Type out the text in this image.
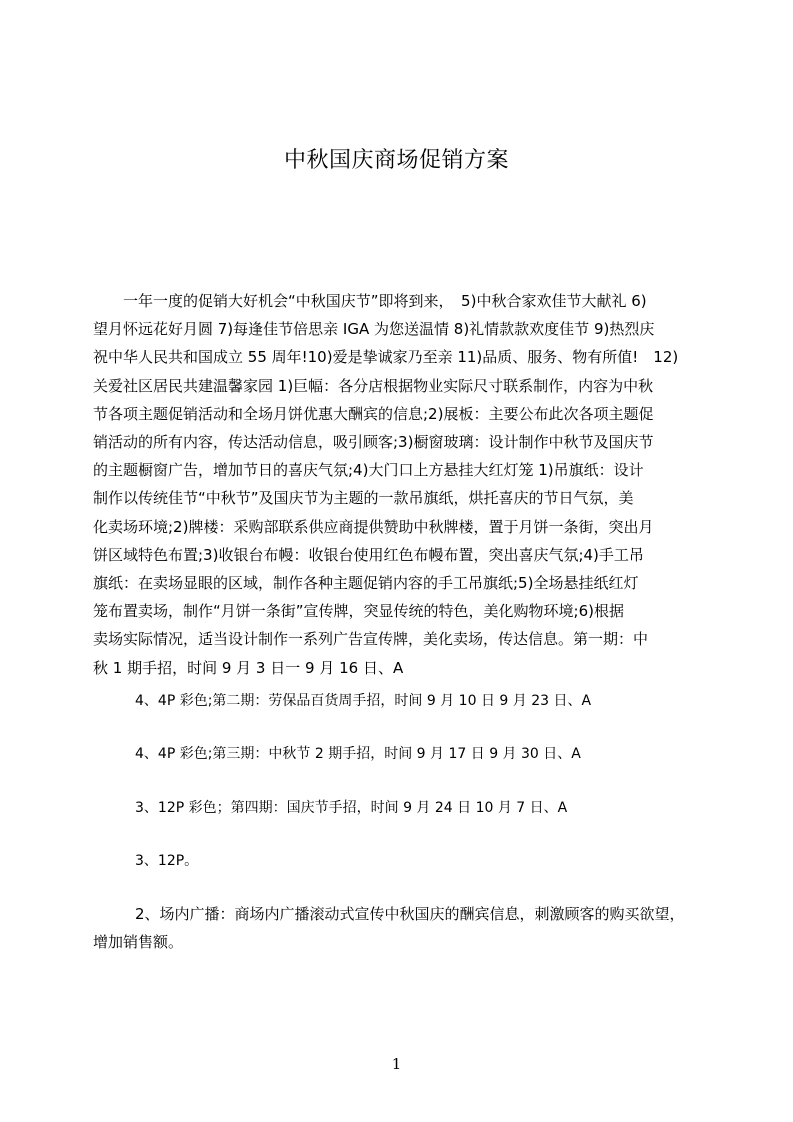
中秋国庆商场促销方案
　　一年一度的促销大好机会“中秋国庆节”即将到来，　5)中秋合家欢佳节大献礼 6)
望月怀远花好月圆 7)每逢佳节倍思亲 IGA 为您送温情 8)礼情款款欢度佳节 9)热烈庆
祝中华人民共和国成立 55 周年!10)爱是挚诚家乃至亲 11)品质、服务、物有所值!　12)
关爱社区居民共建温馨家园 1)巨幅：各分店根据物业实际尺寸联系制作，内容为中秋
节各项主题促销活动和全场月饼优惠大酬宾的信息;2)展板：主要公布此次各项主题促
销活动的所有内容，传达活动信息，吸引顾客;3)橱窗玻璃：设计制作中秋节及国庆节
的主题橱窗广告，增加节日的喜庆气氛;4)大门口上方悬挂大红灯笼 1)吊旗纸：设计
制作以传统佳节“中秋节”及国庆节为主题的一款吊旗纸，烘托喜庆的节日气氛，美
化卖场环境;2)牌楼：采购部联系供应商提供赞助中秋牌楼，置于月饼一条街，突出月
饼区域特色布置;3)收银台布幔：收银台使用红色布幔布置，突出喜庆气氛;4)手工吊
旗纸：在卖场显眼的区域，制作各种主题促销内容的手工吊旗纸;5)全场悬挂纸红灯
笼布置卖场，制作“月饼一条街”宣传牌，突显传统的特色，美化购物环境;6)根据
卖场实际情况，适当设计制作一系列广告宣传牌，美化卖场，传达信息。第一期：中
秋 1 期手招，时间 9 月 3 日一 9 月 16 日、A
4、4P 彩色;第二期：劳保品百货周手招，时间 9 月 10 日 9 月 23 日、A
4、4P 彩色;第三期：中秋节 2 期手招，时间 9 月 17 日 9 月 30 日、A
3、12P 彩色；第四期：国庆节手招，时间 9 月 24 日 10 月 7 日、A
3、12P。
2、场内广播：商场内广播滚动式宣传中秋国庆的酬宾信息，刺激顾客的购买欲望，
增加销售额。
1
